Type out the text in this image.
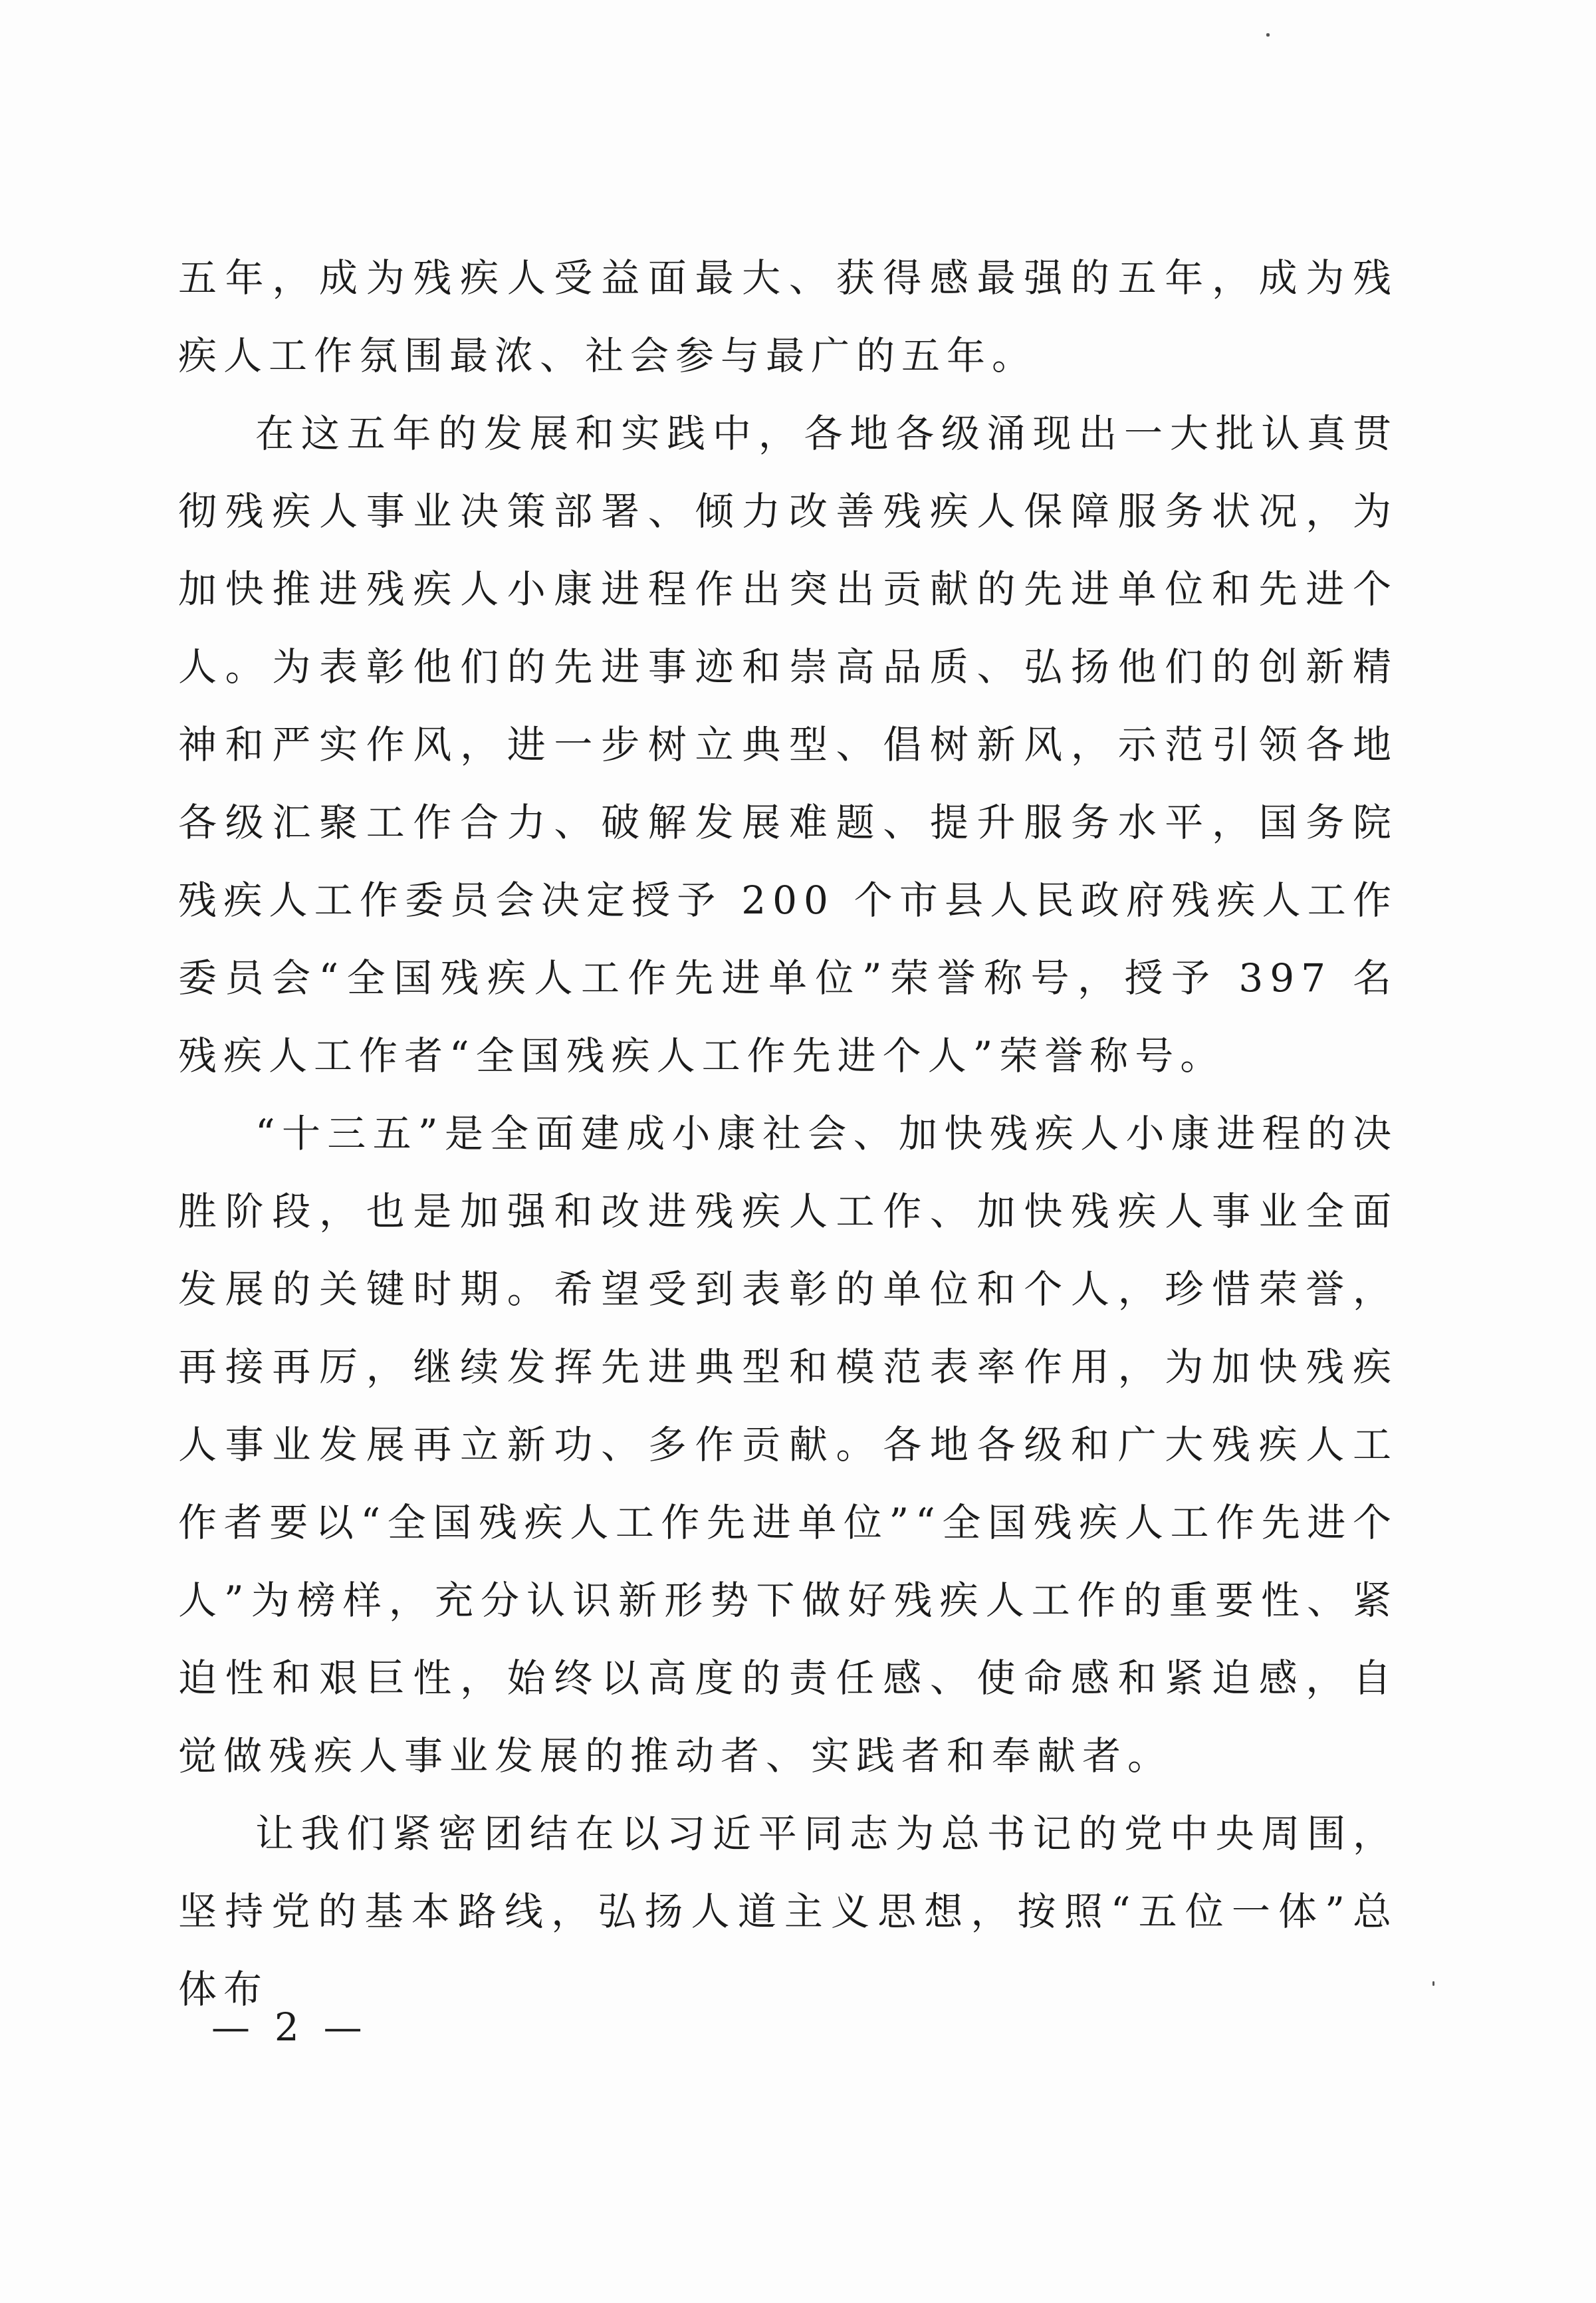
五年，成为残疾人受益面最大、获得感最强的五年，成为残疾人工作氛围最浓、社会参与最广的五年。

在这五年的发展和实践中，各地各级涌现出一大批认真贯彻残疾人事业决策部署、倾力改善残疾人保障服务状况，为加快推进残疾人小康进程作出突出贡献的先进单位和先进个人。为表彰他们的先进事迹和崇高品质、弘扬他们的创新精神和严实作风，进一步树立典型、倡树新风，示范引领各地各级汇聚工作合力、破解发展难题、提升服务水平，国务院残疾人工作委员会决定授予 200 个市县人民政府残疾人工作委员会“全国残疾人工作先进单位”荣誉称号，授予 397 名残疾人工作者“全国残疾人工作先进个人”荣誉称号。

“十三五”是全面建成小康社会、加快残疾人小康进程的决胜阶段，也是加强和改进残疾人工作、加快残疾人事业全面发展的关键时期。希望受到表彰的单位和个人，珍惜荣誉，再接再厉，继续发挥先进典型和模范表率作用，为加快残疾人事业发展再立新功、多作贡献。各地各级和广大残疾人工作者要以“全国残疾人工作先进单位”“全国残疾人工作先进个人”为榜样，充分认识新形势下做好残疾人工作的重要性、紧迫性和艰巨性，始终以高度的责任感、使命感和紧迫感，自觉做残疾人事业发展的推动者、实践者和奉献者。

让我们紧密团结在以习近平同志为总书记的党中央周围，坚持党的基本路线，弘扬人道主义思想，按照“五位一体”总体布

—  2  —
